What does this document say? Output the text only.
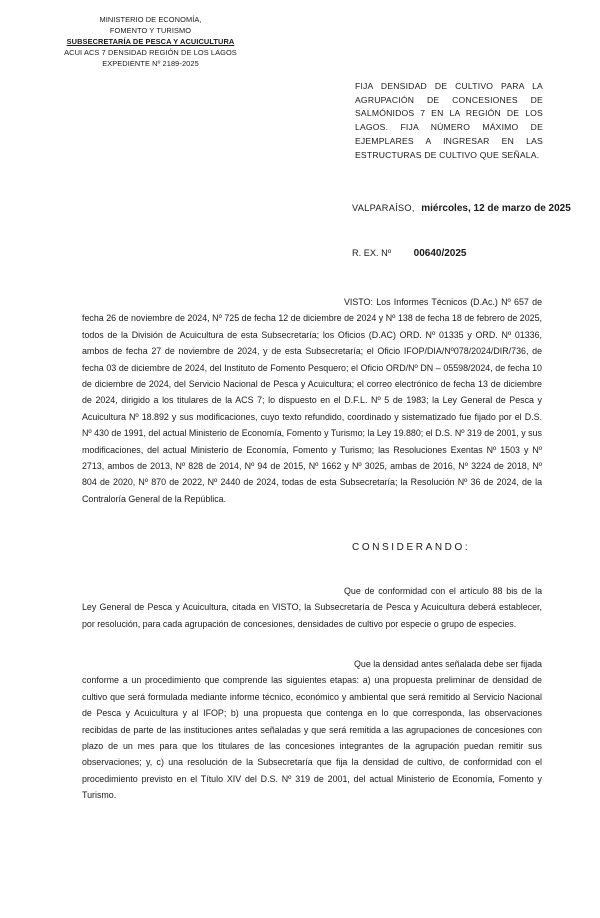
MINISTERIO DE ECONOMÍA,
FOMENTO Y TURISMO
SUBSECRETARÍA DE PESCA Y ACUICULTURA
ACUI ACS 7 DENSIDAD REGIÓN DE LOS LAGOS
EXPEDIENTE Nº 2189-2025
FIJA DENSIDAD DE CULTIVO PARA LA AGRUPACIÓN DE CONCESIONES DE SALMÓNIDOS 7 EN LA REGIÓN DE LOS LAGOS. FIJA NÚMERO MÁXIMO DE EJEMPLARES A INGRESAR EN LAS ESTRUCTURAS DE CULTIVO QUE SEÑALA.
VALPARAÍSO, miércoles, 12 de marzo de 2025
R. EX. Nº 00640/2025
VISTO: Los Informes Técnicos (D.Ac.) Nº 657 de fecha 26 de noviembre de 2024, Nº 725 de fecha 12 de diciembre de 2024 y Nº 138 de fecha 18 de febrero de 2025, todos de la División de Acuicultura de esta Subsecretaría; los Oficios (D.AC) ORD. Nº 01335 y ORD. Nº 01336, ambos de fecha 27 de noviembre de 2024, y de esta Subsecretaría; el Oficio IFOP/DIA/Nº078/2024/DIR/736, de fecha 03 de diciembre de 2024, del Instituto de Fomento Pesquero; el Oficio ORD/Nº DN – 05598/2024, de fecha 10 de diciembre de 2024, del Servicio Nacional de Pesca y Acuicultura; el correo electrónico de fecha 13 de diciembre de 2024, dirigido a los titulares de la ACS 7; lo dispuesto en el D.F.L. Nº 5 de 1983; la Ley General de Pesca y Acuicultura Nº 18.892 y sus modificaciones, cuyo texto refundido, coordinado y sistematizado fue fijado por el D.S. Nº 430 de 1991, del actual Ministerio de Economía, Fomento y Turismo; la Ley 19.880; el D.S. Nº 319 de 2001, y sus modificaciones, del actual Ministerio de Economía, Fomento y Turismo; las Resoluciones Exentas Nº 1503 y Nº 2713, ambos de 2013, Nº 828 de 2014, Nº 94 de 2015, Nº 1662 y Nº 3025, ambas de 2016, Nº 3224 de 2018, Nº 804 de 2020, Nº 870 de 2022, Nº 2440 de 2024, todas de esta Subsecretaría; la Resolución Nº 36 de 2024, de la Contraloría General de la República.
CONSIDERANDO:
Que de conformidad con el artículo 88 bis de la Ley General de Pesca y Acuicultura, citada en VISTO, la Subsecretaría de Pesca y Acuicultura deberá establecer, por resolución, para cada agrupación de concesiones, densidades de cultivo por especie o grupo de especies.
Que la densidad antes señalada debe ser fijada conforme a un procedimiento que comprende las siguientes etapas: a) una propuesta preliminar de densidad de cultivo que será formulada mediante informe técnico, económico y ambiental que será remitido al Servicio Nacional de Pesca y Acuicultura y al IFOP; b) una propuesta que contenga en lo que corresponda, las observaciones recibidas de parte de las instituciones antes señaladas y que será remitida a las agrupaciones de concesiones con plazo de un mes para que los titulares de las concesiones integrantes de la agrupación puedan remitir sus observaciones; y, c) una resolución de la Subsecretaría que fija la densidad de cultivo, de conformidad con el procedimiento previsto en el Título XIV del D.S. Nº 319 de 2001, del actual Ministerio de Economía, Fomento y Turismo.
